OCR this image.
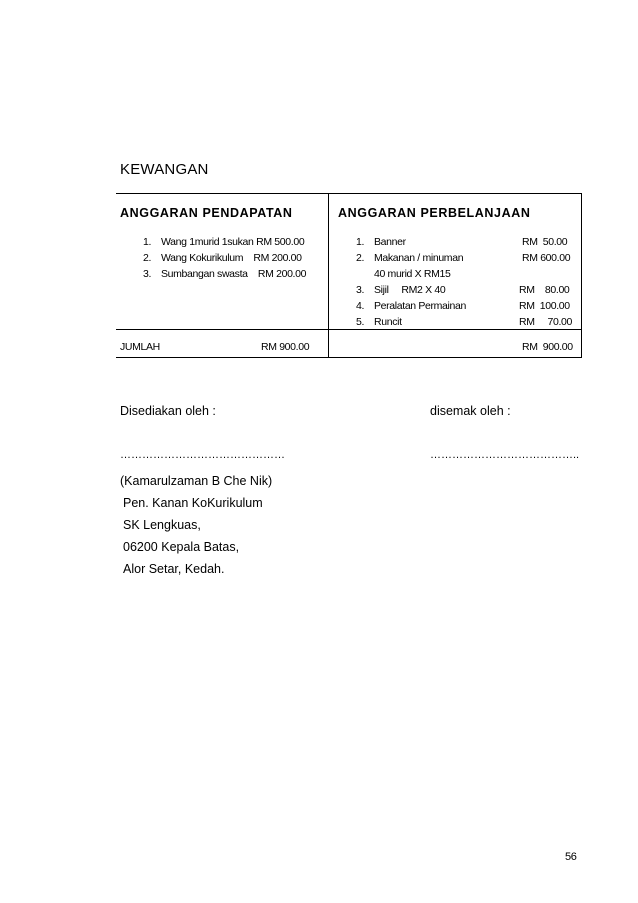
KEWANGAN
ANGGARAN PENDAPATAN	ANGGARAN PERBELANJAAN
1. Wang 1murid 1sukan RM 500.00
2. Wang Kokurikulum    RM 200.00
3. Sumbangan swasta    RM 200.00
1. Banner	RM  50.00
2. Makanan / minuman	RM 600.00
40 murid X RM15
3. Sijil     RM2 X 40	RM    80.00
4. Peralatan Permainan	RM  100.00
5. Runcit	RM     70.00
JUMLAH	RM 900.00	RM  900.00
Disediakan oleh :	disemak oleh :
………………………………………	…………………………………..
(Kamarulzaman B Che Nik)
Pen. Kanan KoKurikulum
SK Lengkuas,
06200 Kepala Batas,
Alor Setar, Kedah.
56
